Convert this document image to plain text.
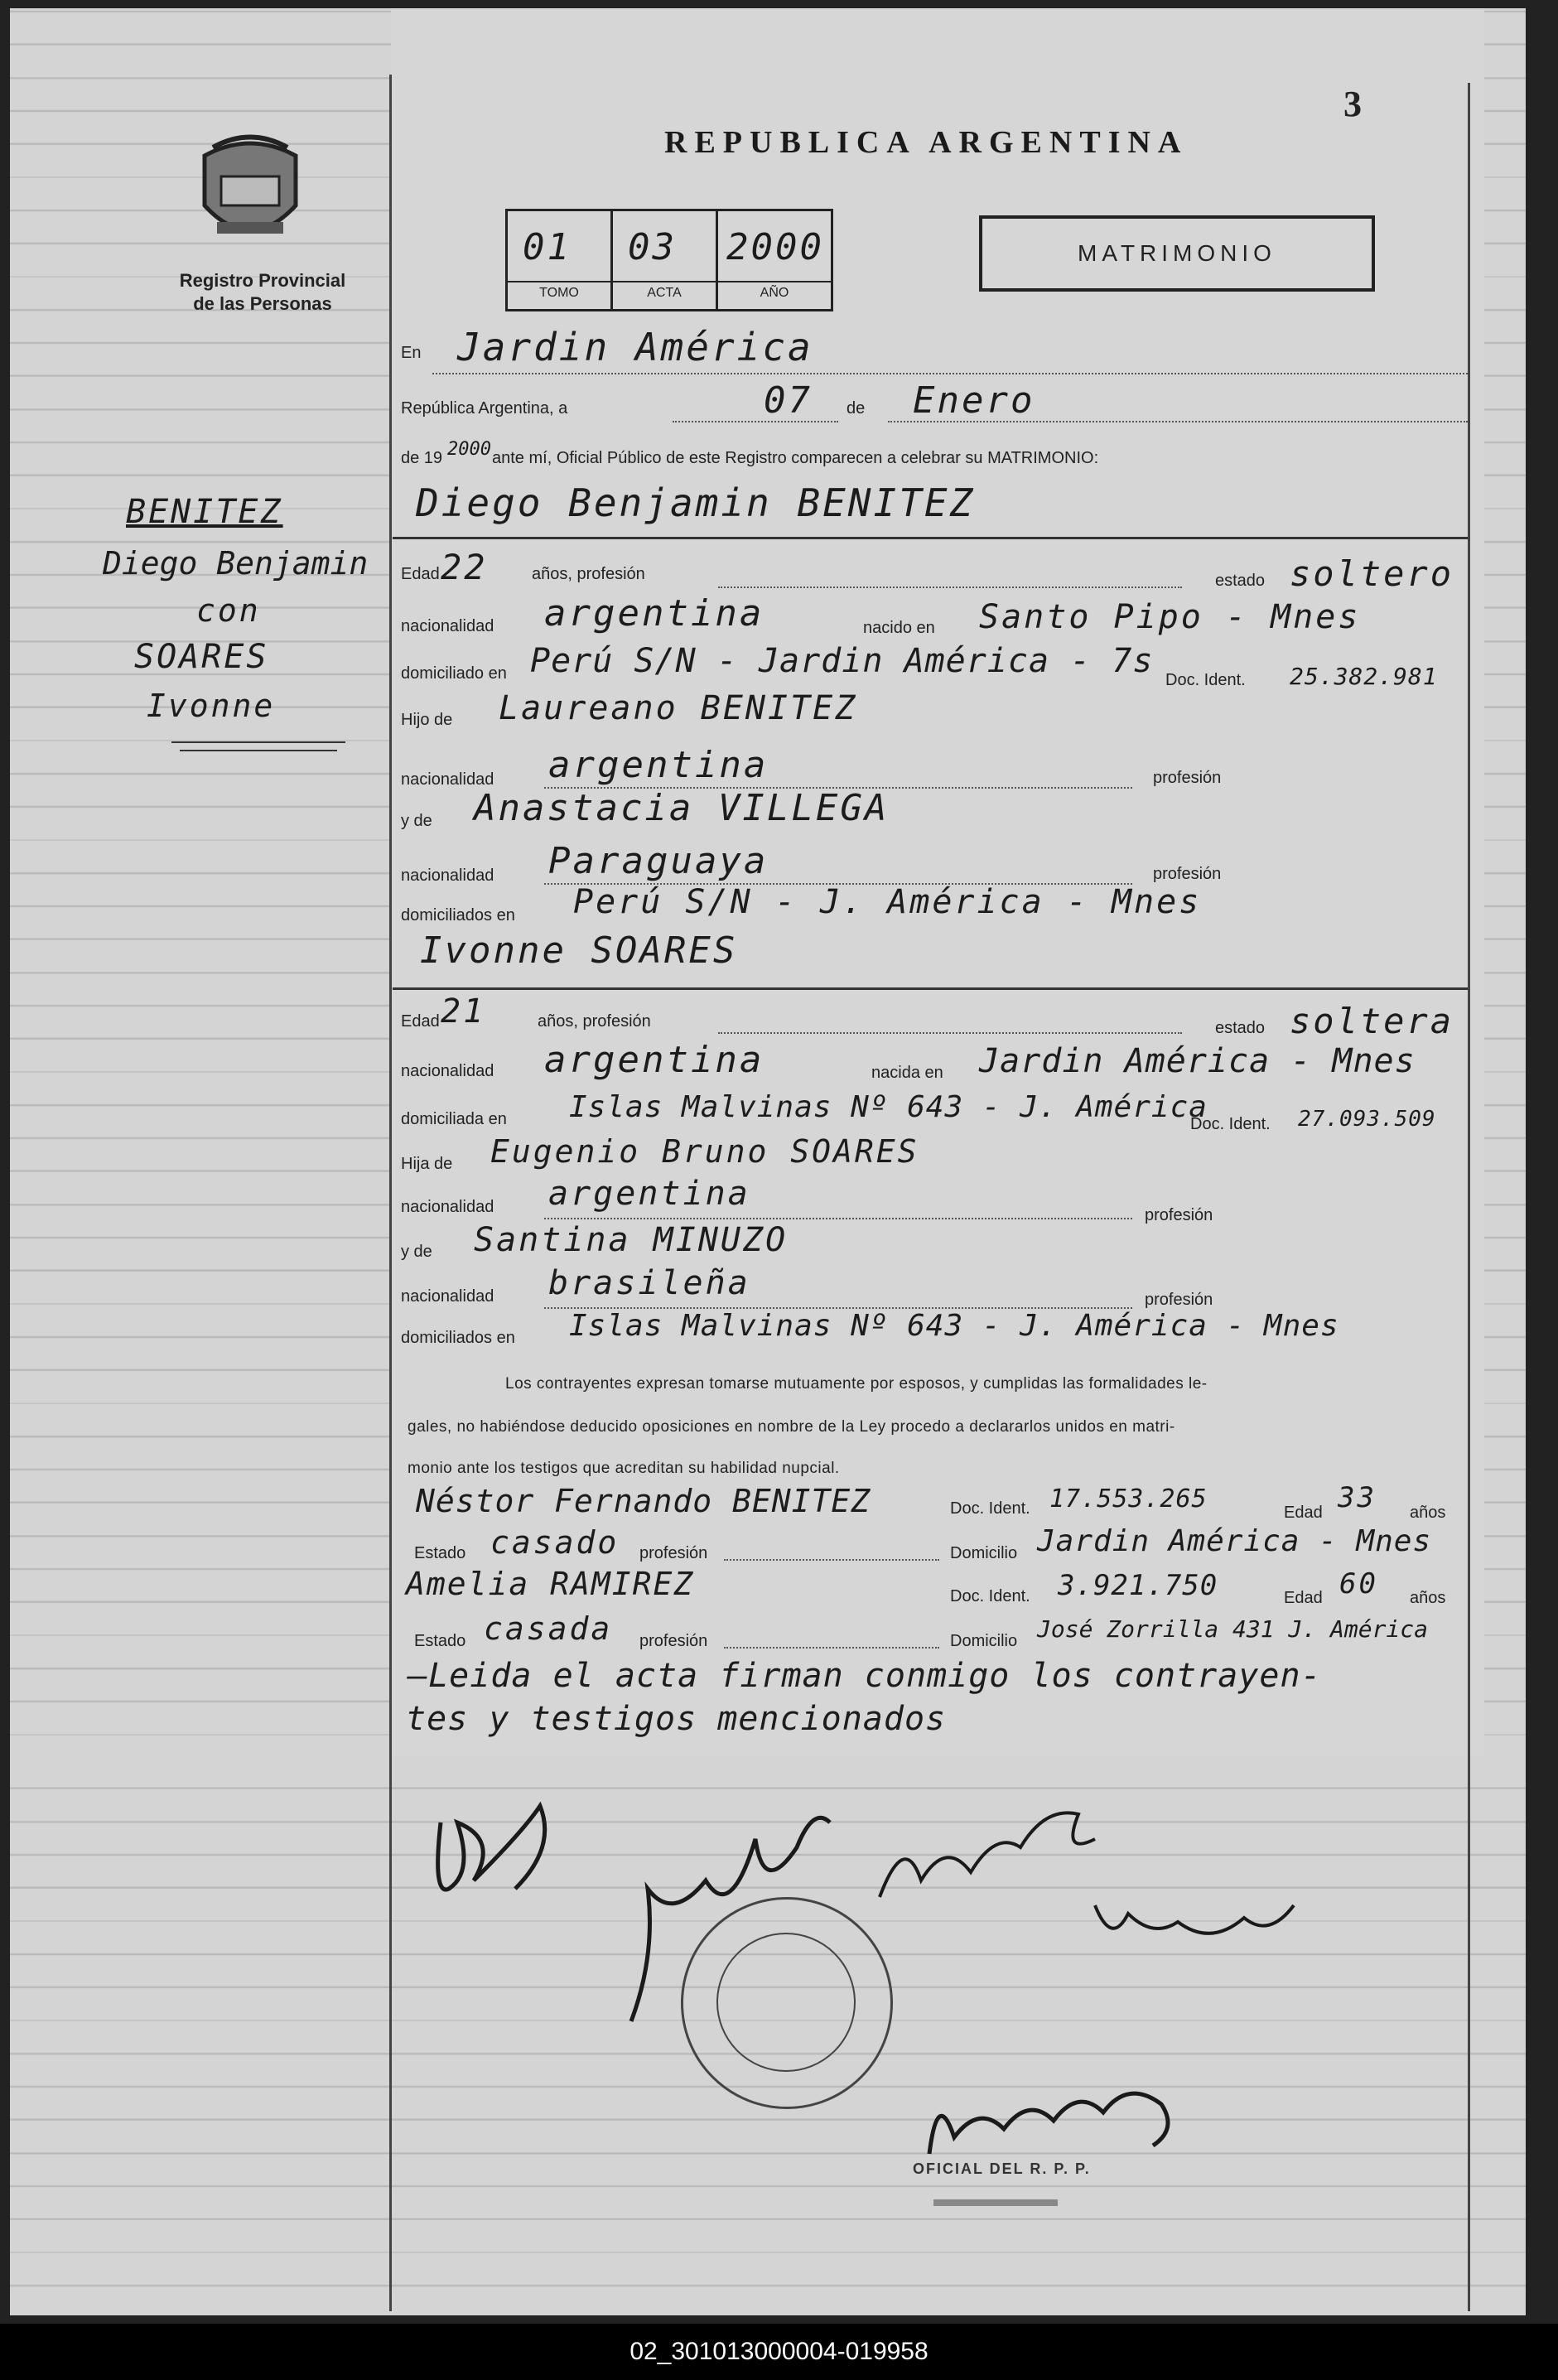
3
Registro Provincial
de las Personas
REPUBLICA ARGENTINA
01
TOMO
03
ACTA
2000
AÑO
MATRIMONIO
BENITEZ
Diego Benjamin
con
SOARES
Ivonne
En Jardin América
República Argentina, a	07 de Enero
de 19 2000 ante mí, Oficial Público de este Registro comparecen a celebrar su MATRIMONIO:
Diego Benjamin BENITEZ
Edad 22	años, profesión	estado soltero
nacionalidad argentina	nacido en Santo Pipo - Mnes
domiciliado en Perú S/N - Jardin América - 7s Doc. Ident. 25.382.981
Hijo de Laureano BENITEZ
nacionalidad argentina	profesión
y de Anastacia VILLEGA
nacionalidad Paraguaya	profesión
domiciliados en Perú S/N - J. América - Mnes
Ivonne SOARES
Edad 21	años, profesión	estado soltera
nacionalidad argentina	nacida en Jardin América - Mnes
domiciliada en Islas Malvinas Nº 643 - J. América
Doc. Ident. 27.093.509
Hija de Eugenio Bruno SOARES
nacionalidad argentina
profesión
y de Santina MINUZO
nacionalidad brasileña	profesión
domiciliados en Islas Malvinas Nº 643 - J. América - Mnes
Los contrayentes expresan tomarse mutuamente por esposos, y cumplidas las formalidades le-
gales, no habiéndose deducido oposiciones en nombre de la Ley procedo a declararlos unidos en matri-
monio ante los testigos que acreditan su habilidad nupcial.
Néstor Fernando BENITEZ	Doc. Ident. 17.553.265	Edad 33 años
Estado casado profesión	Domicilio Jardin América - Mnes
Amelia RAMIREZ	Doc. Ident. 3.921.750	Edad 60 años
Estado casada profesión	Domicilio José Zorrilla 431 J. América
—Leida el acta firman conmigo los contrayen-
tes y testigos mencionados
OFICIAL DEL R. P. P.
02_301013000004-019958
